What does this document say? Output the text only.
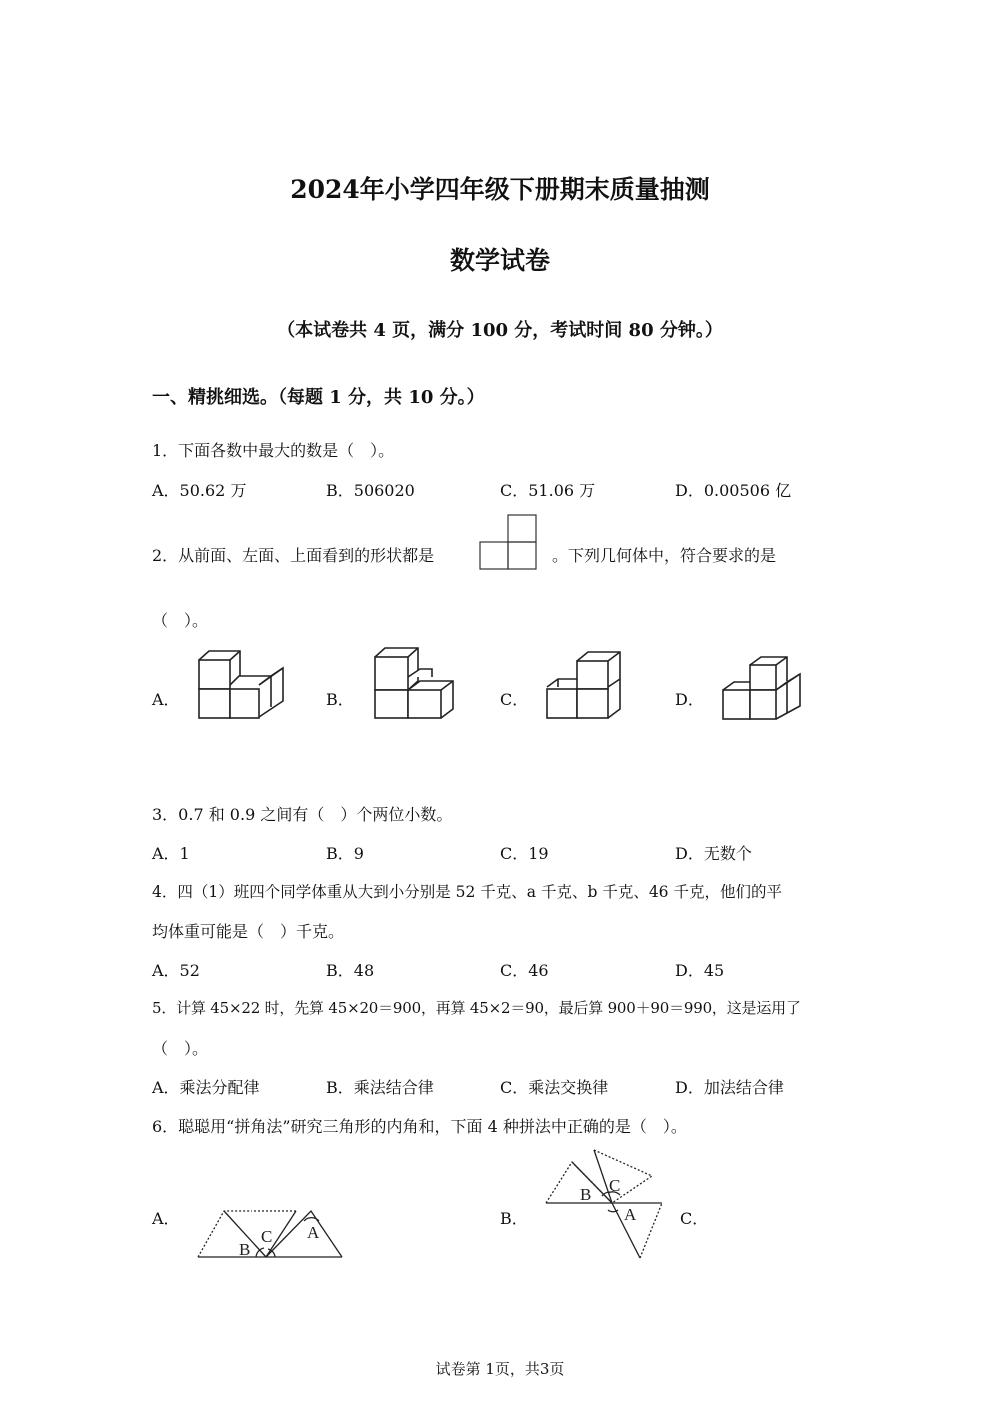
2024年小学四年级下册期末质量抽测
数学试卷
（本试卷共 4 页，满分 100 分，考试时间 80 分钟。）
一、精挑细选。（每题 1 分，共 10 分。）
1．下面各数中最大的数是（　）。
A．50.62 万	B．506020	C．51.06 万	D．0.00506 亿
2．从前面、左面、上面看到的形状都是	。下列几何体中，符合要求的是
（　）。
A．	B．	C．	D．
3．0.7 和 0.9 之间有（　）个两位小数。
A．1	B．9	C．19	D．无数个
4．四（1）班四个同学体重从大到小分别是 52 千克、a 千克、b 千克、46 千克，他们的平
均体重可能是（　）千克。
A．52	B．48	C．46	D．45
5．计算 45×22 时，先算 45×20＝900，再算 45×2＝90，最后算 900＋90＝990，这是运用了
（　）。
A．乘法分配律	B．乘法结合律	C．乘法交换律	D．加法结合律
6．聪聪用“拼角法”研究三角形的内角和，下面 4 种拼法中正确的是（　）。
A．	B．	C．
B
C A
B C
A
试卷第 1页，共3页
